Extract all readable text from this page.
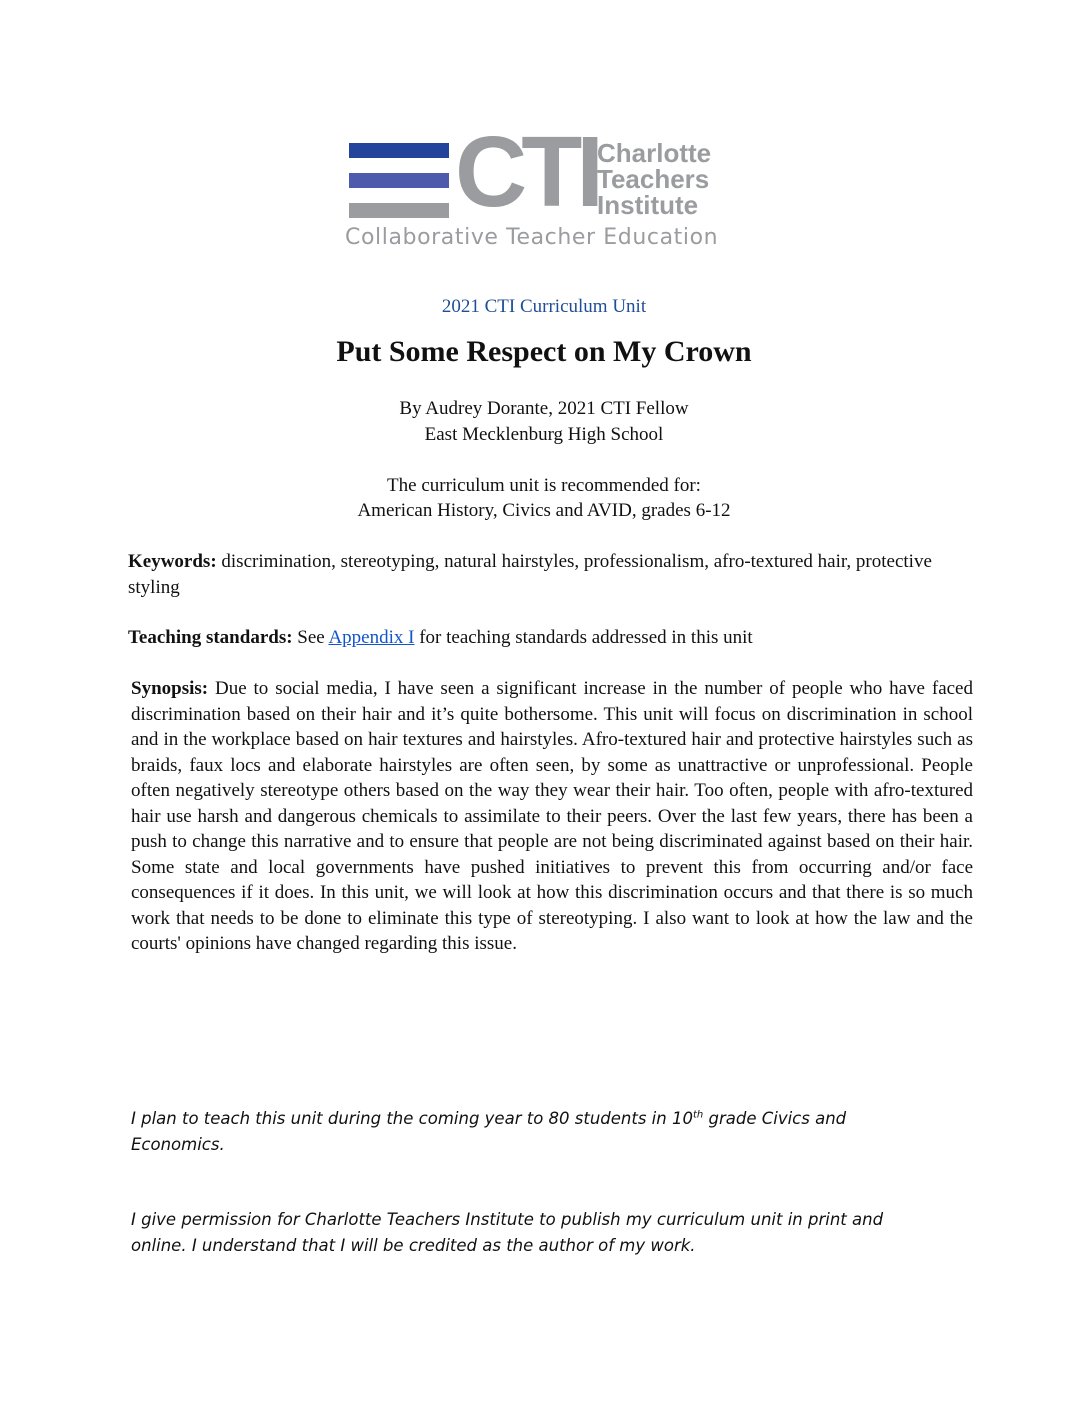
CTI
Charlotte
Teachers
Institute
Collaborative Teacher Education
2021 CTI Curriculum Unit
Put Some Respect on My Crown
By Audrey Dorante, 2021 CTI Fellow
East Mecklenburg High School
The curriculum unit is recommended for:
American History, Civics and AVID, grades 6-12
Keywords: discrimination, stereotyping, natural hairstyles, professionalism, afro-textured hair, protective styling
Teaching standards: See Appendix I for teaching standards addressed in this unit
Synopsis: Due to social media, I have seen a significant increase in the number of people who have faced discrimination based on their hair and it’s quite bothersome. This unit will focus on discrimination in school and in the workplace based on hair textures and hairstyles. Afro-textured hair and protective hairstyles such as braids, faux locs and elaborate hairstyles are often seen, by some as unattractive or unprofessional. People often negatively stereotype others based on the way they wear their hair. Too often, people with afro-textured hair use harsh and dangerous chemicals to assimilate to their peers. Over the last few years, there has been a push to change this narrative and to ensure that people are not being discriminated against based on their hair. Some state and local governments have pushed initiatives to prevent this from occurring and/or face consequences if it does. In this unit, we will look at how this discrimination occurs and that there is so much work that needs to be done to eliminate this type of stereotyping. I also want to look at how the law and the courts' opinions have changed regarding this issue.
I plan to teach this unit during the coming year to 80 students in 10th grade Civics and Economics.
I give permission for Charlotte Teachers Institute to publish my curriculum unit in print and online. I understand that I will be credited as the author of my work.
